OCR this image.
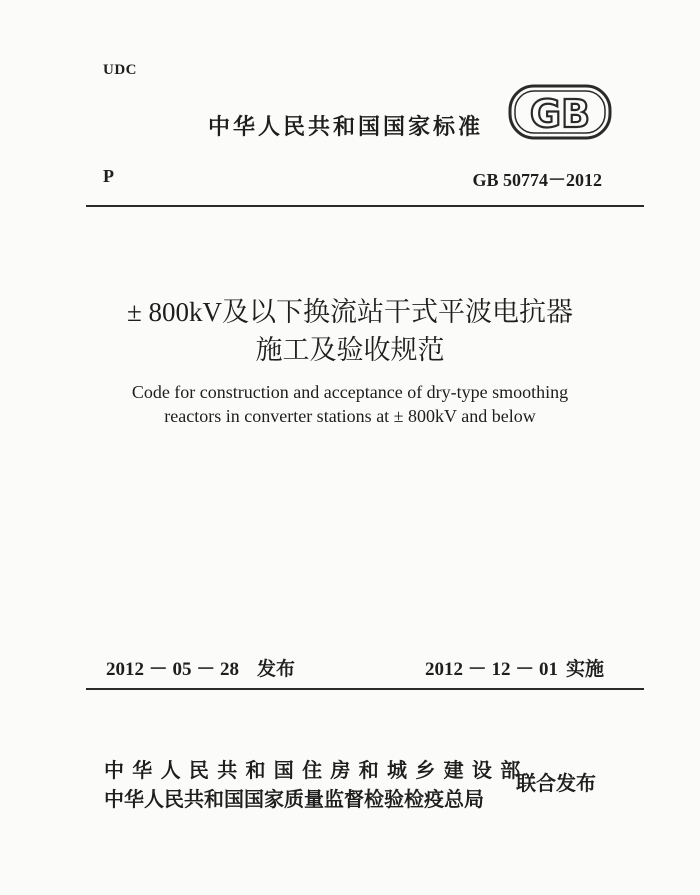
UDC
中华人民共和国国家标准 GB
P	GB 50774－2012
± 800kV及以下换流站干式平波电抗器
施工及验收规范
Code for construction and acceptance of dry-type smoothing
reactors in converter stations at ± 800kV and below
2012 － 05 － 28 发布	2012 － 12 － 01 实施
中华人民共和国住房和城乡建设部
中华人民共和国国家质量监督检验检疫总局
联合发布
